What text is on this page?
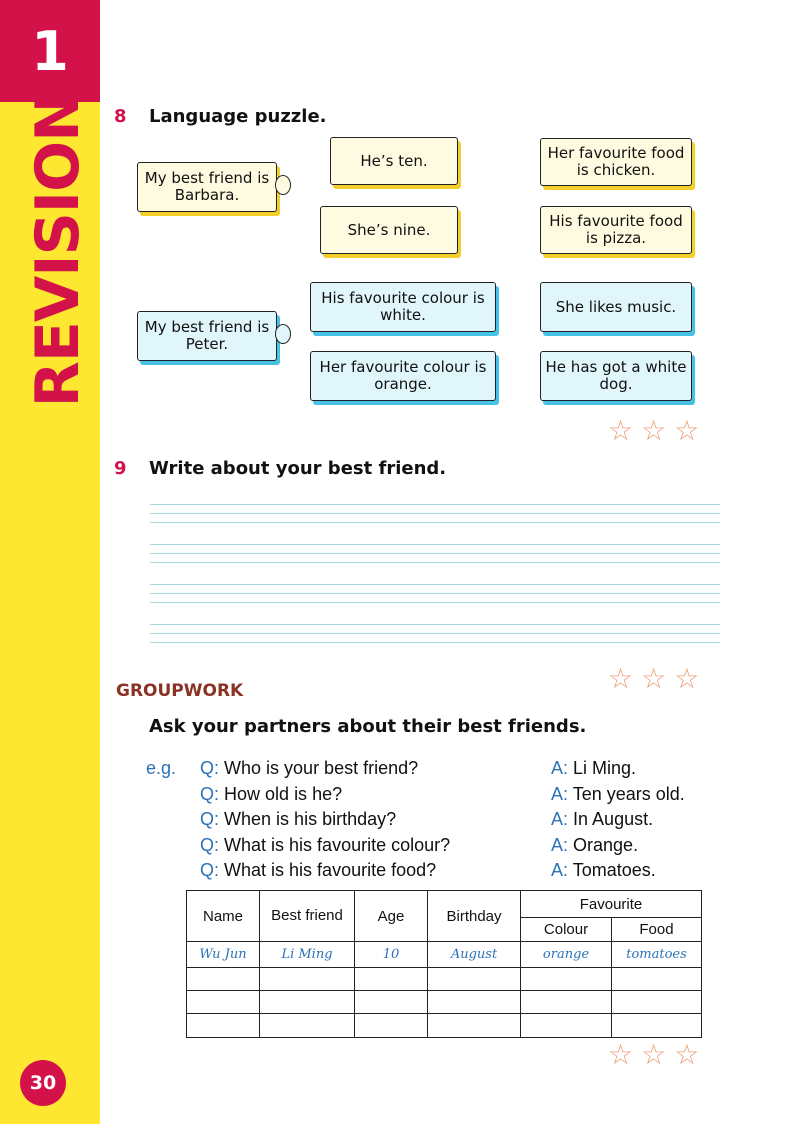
1
REVISION
30
8 Language puzzle.
My best friend is Barbara.
My best friend is Peter.
He’s ten.
She’s nine.
His favourite colour is white.
Her favourite colour is orange.
Her favourite food is chicken.
His favourite food is pizza.
She likes music.
He has got a white dog.
☆☆☆
9 Write about your best friend.
☆☆☆
GROUPWORK
Ask your partners about their best friends.
e.g. Q: Who is your best friend?
Q: How old is he?
Q: When is his birthday?
Q: What is his favourite colour?
Q: What is his favourite food?
A: Li Ming.
A: Ten years old.
A: In August.
A: Orange.
A: Tomatoes.
Name	Best friend	Age	Birthday	Favourite	
				Colour	Food
Wu Jun	Li Ming	10	August	orange	tomatoes

☆☆☆
